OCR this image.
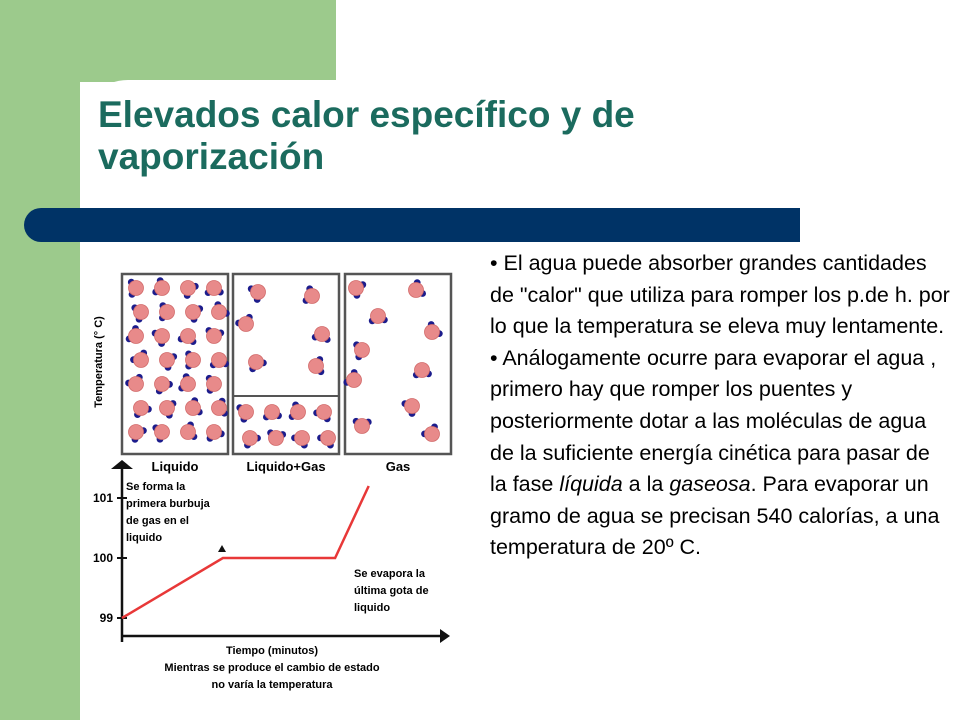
Elevados calor específico y de vaporización
Liquido	Liquido+Gas	Gas
Temperatura (° C)
101
100
99
Se forma la primera burbuja de gas en el liquido
Se evapora la última gota de liquido
Tiempo (minutos)
Mientras se produce el cambio de estado
no varía la temperatura

• El agua puede absorber grandes cantidades de "calor" que utiliza para romper los p.de h. por lo que la temperatura se eleva muy lentamente.

• Análogamente ocurre para evaporar el agua , primero hay que romper los puentes y posteriormente dotar a las moléculas de agua de la suficiente energía cinética para pasar de la fase líquida a la gaseosa. Para evaporar un gramo de agua se precisan 540 calorías, a una temperatura de 20º C.
